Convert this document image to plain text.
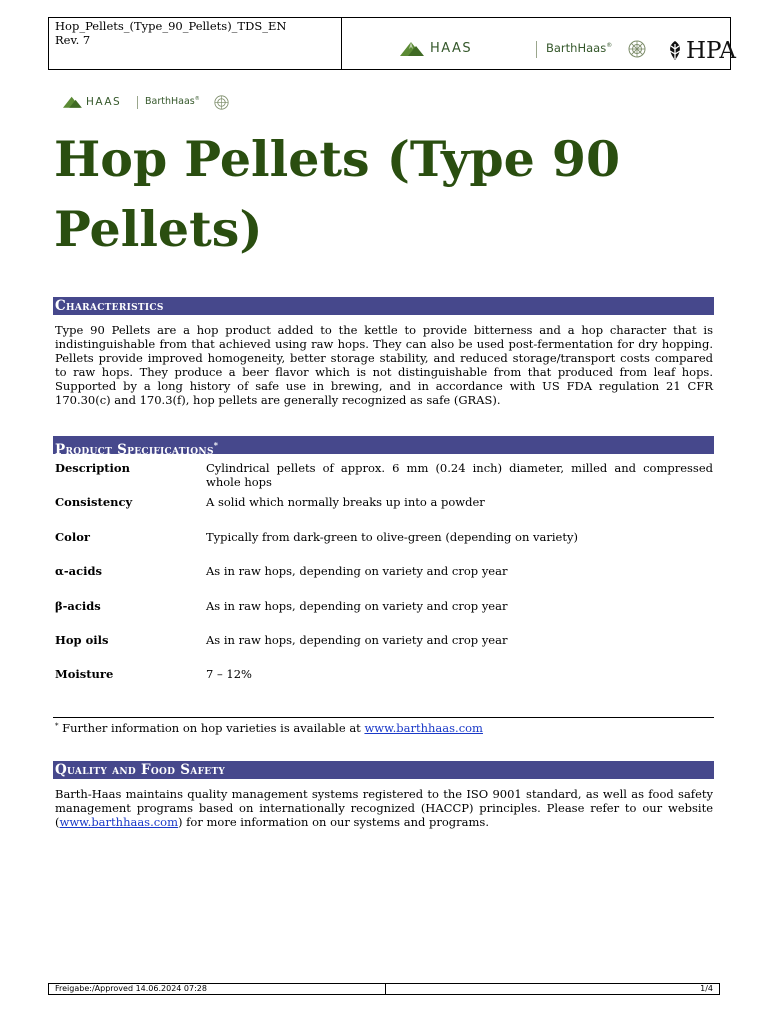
Hop_Pellets_(Type_90_Pellets)_TDS_EN
Rev. 7
HAAS	BarthHaas ®	HPA
HAAS	BarthHaas ®
Hop Pellets (Type 90 Pellets)
Characteristics

Type 90 Pellets are a hop product added to the kettle to provide bitterness and a hop character that is indistinguishable from that achieved using raw hops. They can also be used post-fermentation for dry hopping. Pellets provide improved homogeneity, better storage stability, and reduced storage/transport costs compared to raw hops. They produce a beer flavor which is not distinguishable from that produced from leaf hops. Supported by a long history of safe use in brewing, and in accordance with US FDA regulation 21 CFR 170.30(c) and 170.3(f), hop pellets are generally recognized as safe (GRAS).

Product Specifications*
Description	Cylindrical pellets of approx. 6 mm (0.24 inch) diameter, milled and compressed whole hops
Consistency	A solid which normally breaks up into a powder
Color	Typically from dark-green to olive-green (depending on variety)
α-acids	As in raw hops, depending on variety and crop year
β-acids	As in raw hops, depending on variety and crop year
Hop oils	As in raw hops, depending on variety and crop year
Moisture	7 – 12%
* Further information on hop varieties is available at www.barthhaas.com
Quality and Food Safety

Barth-Haas maintains quality management systems registered to the ISO 9001 standard, as well as food safety management programs based on internationally recognized (HACCP) principles. Please refer to our website (www.barthhaas.com) for more information on our systems and programs.

Freigabe:/Approved 14.06.2024 07:28	1/4
